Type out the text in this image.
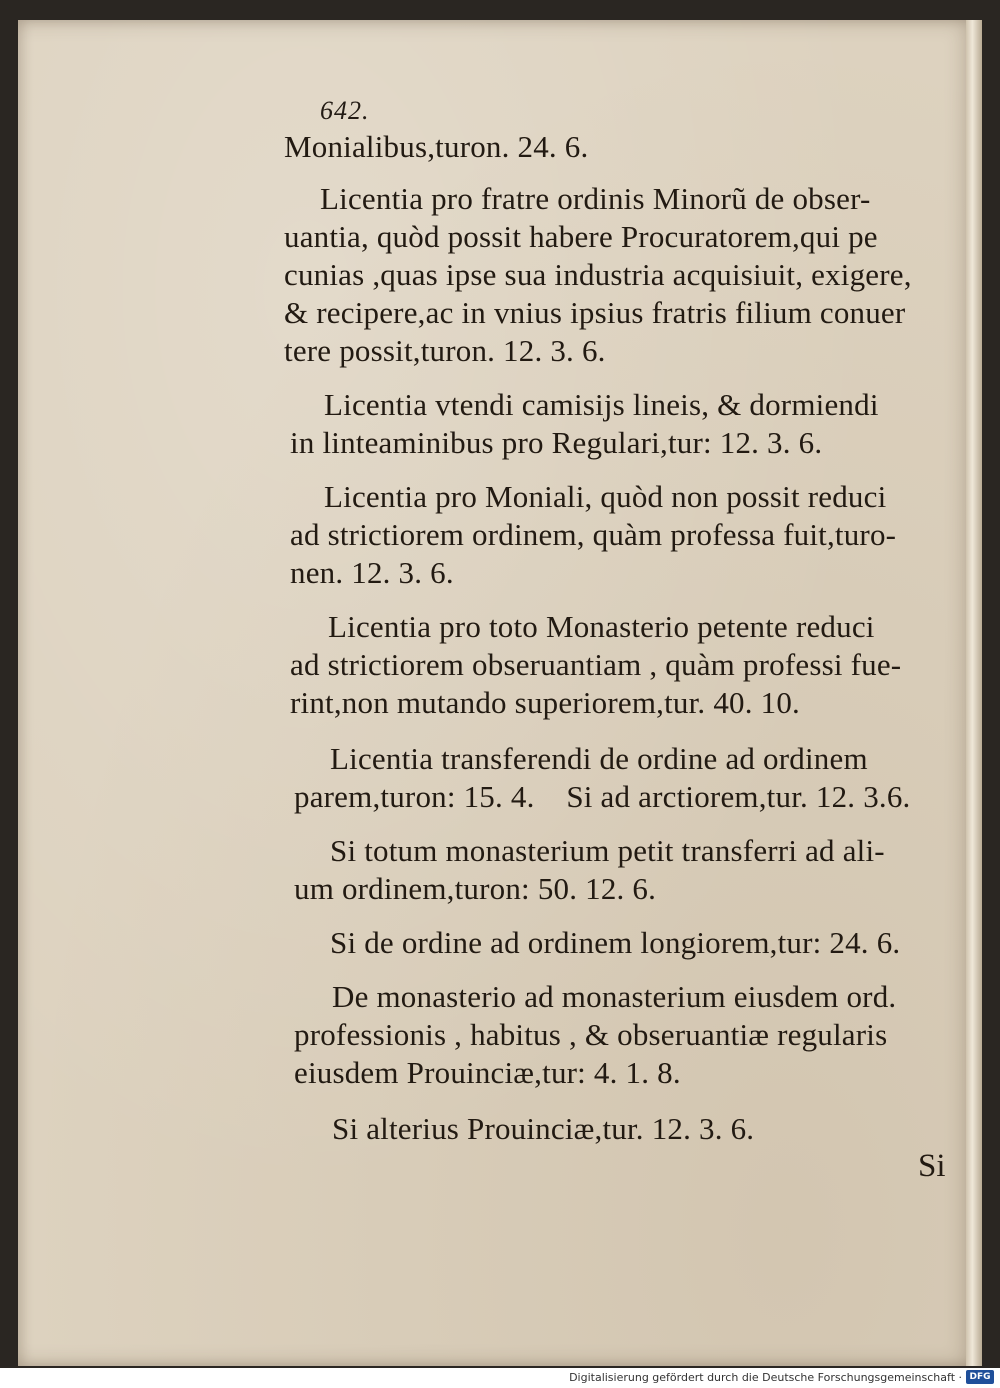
642.
Monialibus,turon. 24. 6.
Licentia pro fratre ordinis Minorũ de obser-
uantia, quòd possit habere Procuratorem,qui pe
cunias ,quas ipse sua industria acquisiuit, exigere,
& recipere,ac in vnius ipsius fratris filium conuer
tere possit,turon. 12. 3. 6.
Licentia vtendi camisijs lineis, & dormiendi
in linteaminibus pro Regulari,tur: 12. 3. 6.
Licentia pro Moniali, quòd non possit reduci
ad strictiorem ordinem, quàm professa fuit,turo-
nen. 12. 3. 6.
Licentia pro toto Monasterio petente reduci
ad strictiorem obseruantiam , quàm professi fue-
rint,non mutando superiorem,tur. 40. 10.
Licentia transferendi de ordine ad ordinem
parem,turon: 15. 4.    Si ad arctiorem,tur. 12. 3.6.
Si totum monasterium petit transferri ad ali-
um ordinem,turon: 50. 12. 6.
Si de ordine ad ordinem longiorem,tur: 24. 6.
De monasterio ad monasterium eiusdem ord.
professionis , habitus , & obseruantiæ regularis
eiusdem Prouinciæ,tur: 4. 1. 8.
Si alterius Prouinciæ,tur. 12. 3. 6.
Si
Digitalisierung gefördert durch die Deutsche Forschungsgemeinschaft · DFG
